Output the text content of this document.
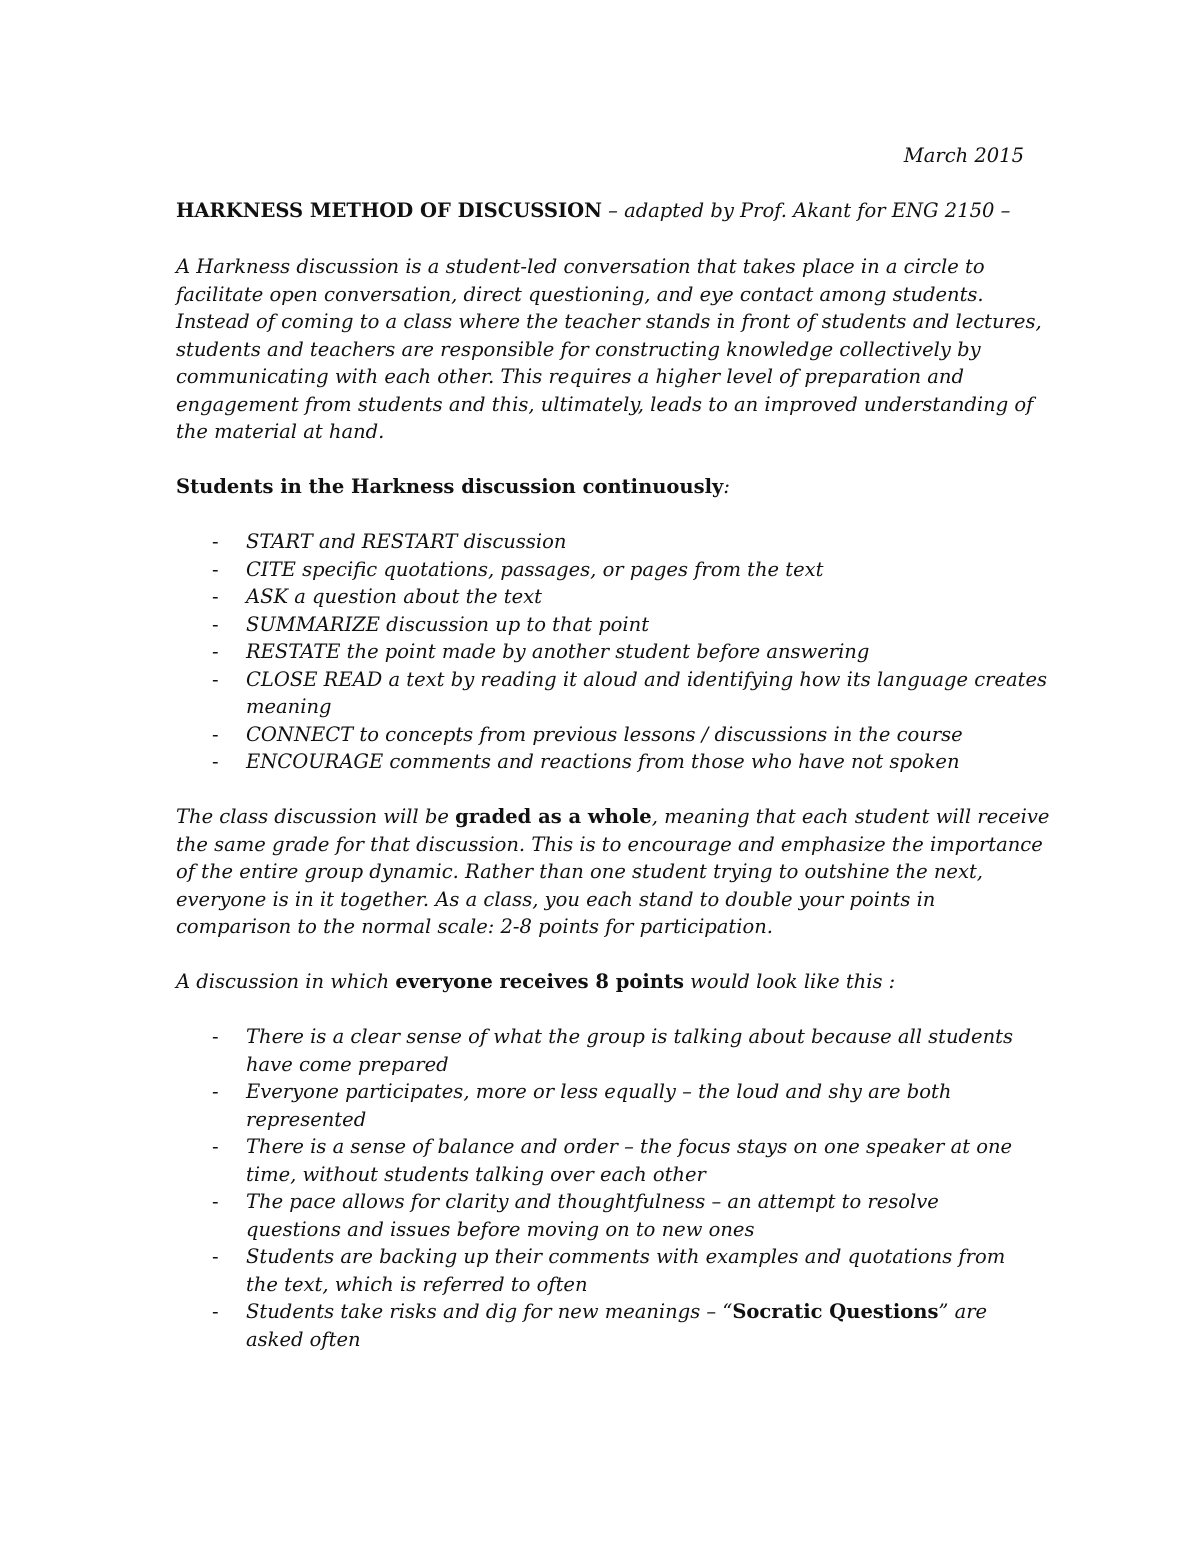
March 2015
HARKNESS METHOD OF DISCUSSION – adapted by Prof. Akant for ENG 2150 –
A Harkness discussion is a student-led conversation that takes place in a circle to
facilitate open conversation, direct questioning, and eye contact among students.
Instead of coming to a class where the teacher stands in front of students and lectures,
students and teachers are responsible for constructing knowledge collectively by
communicating with each other. This requires a higher level of preparation and
engagement from students and this, ultimately, leads to an improved understanding of
the material at hand.
Students in the Harkness discussion continuously:
- START and RESTART discussion
- CITE specific quotations, passages, or pages from the text
- ASK a question about the text
- SUMMARIZE discussion up to that point
- RESTATE the point made by another student before answering
- CLOSE READ a text by reading it aloud and identifying how its language creates
meaning
- CONNECT to concepts from previous lessons / discussions in the course
- ENCOURAGE comments and reactions from those who have not spoken
The class discussion will be graded as a whole, meaning that each student will receive
the same grade for that discussion. This is to encourage and emphasize the importance
of the entire group dynamic. Rather than one student trying to outshine the next,
everyone is in it together. As a class, you each stand to double your points in
comparison to the normal scale: 2-8 points for participation.
A discussion in which everyone receives 8 points would look like this :
- There is a clear sense of what the group is talking about because all students
have come prepared
- Everyone participates, more or less equally – the loud and shy are both
represented
- There is a sense of balance and order – the focus stays on one speaker at one
time, without students talking over each other
- The pace allows for clarity and thoughtfulness – an attempt to resolve
questions and issues before moving on to new ones
- Students are backing up their comments with examples and quotations from
the text, which is referred to often
- Students take risks and dig for new meanings – “Socratic Questions” are
asked often
